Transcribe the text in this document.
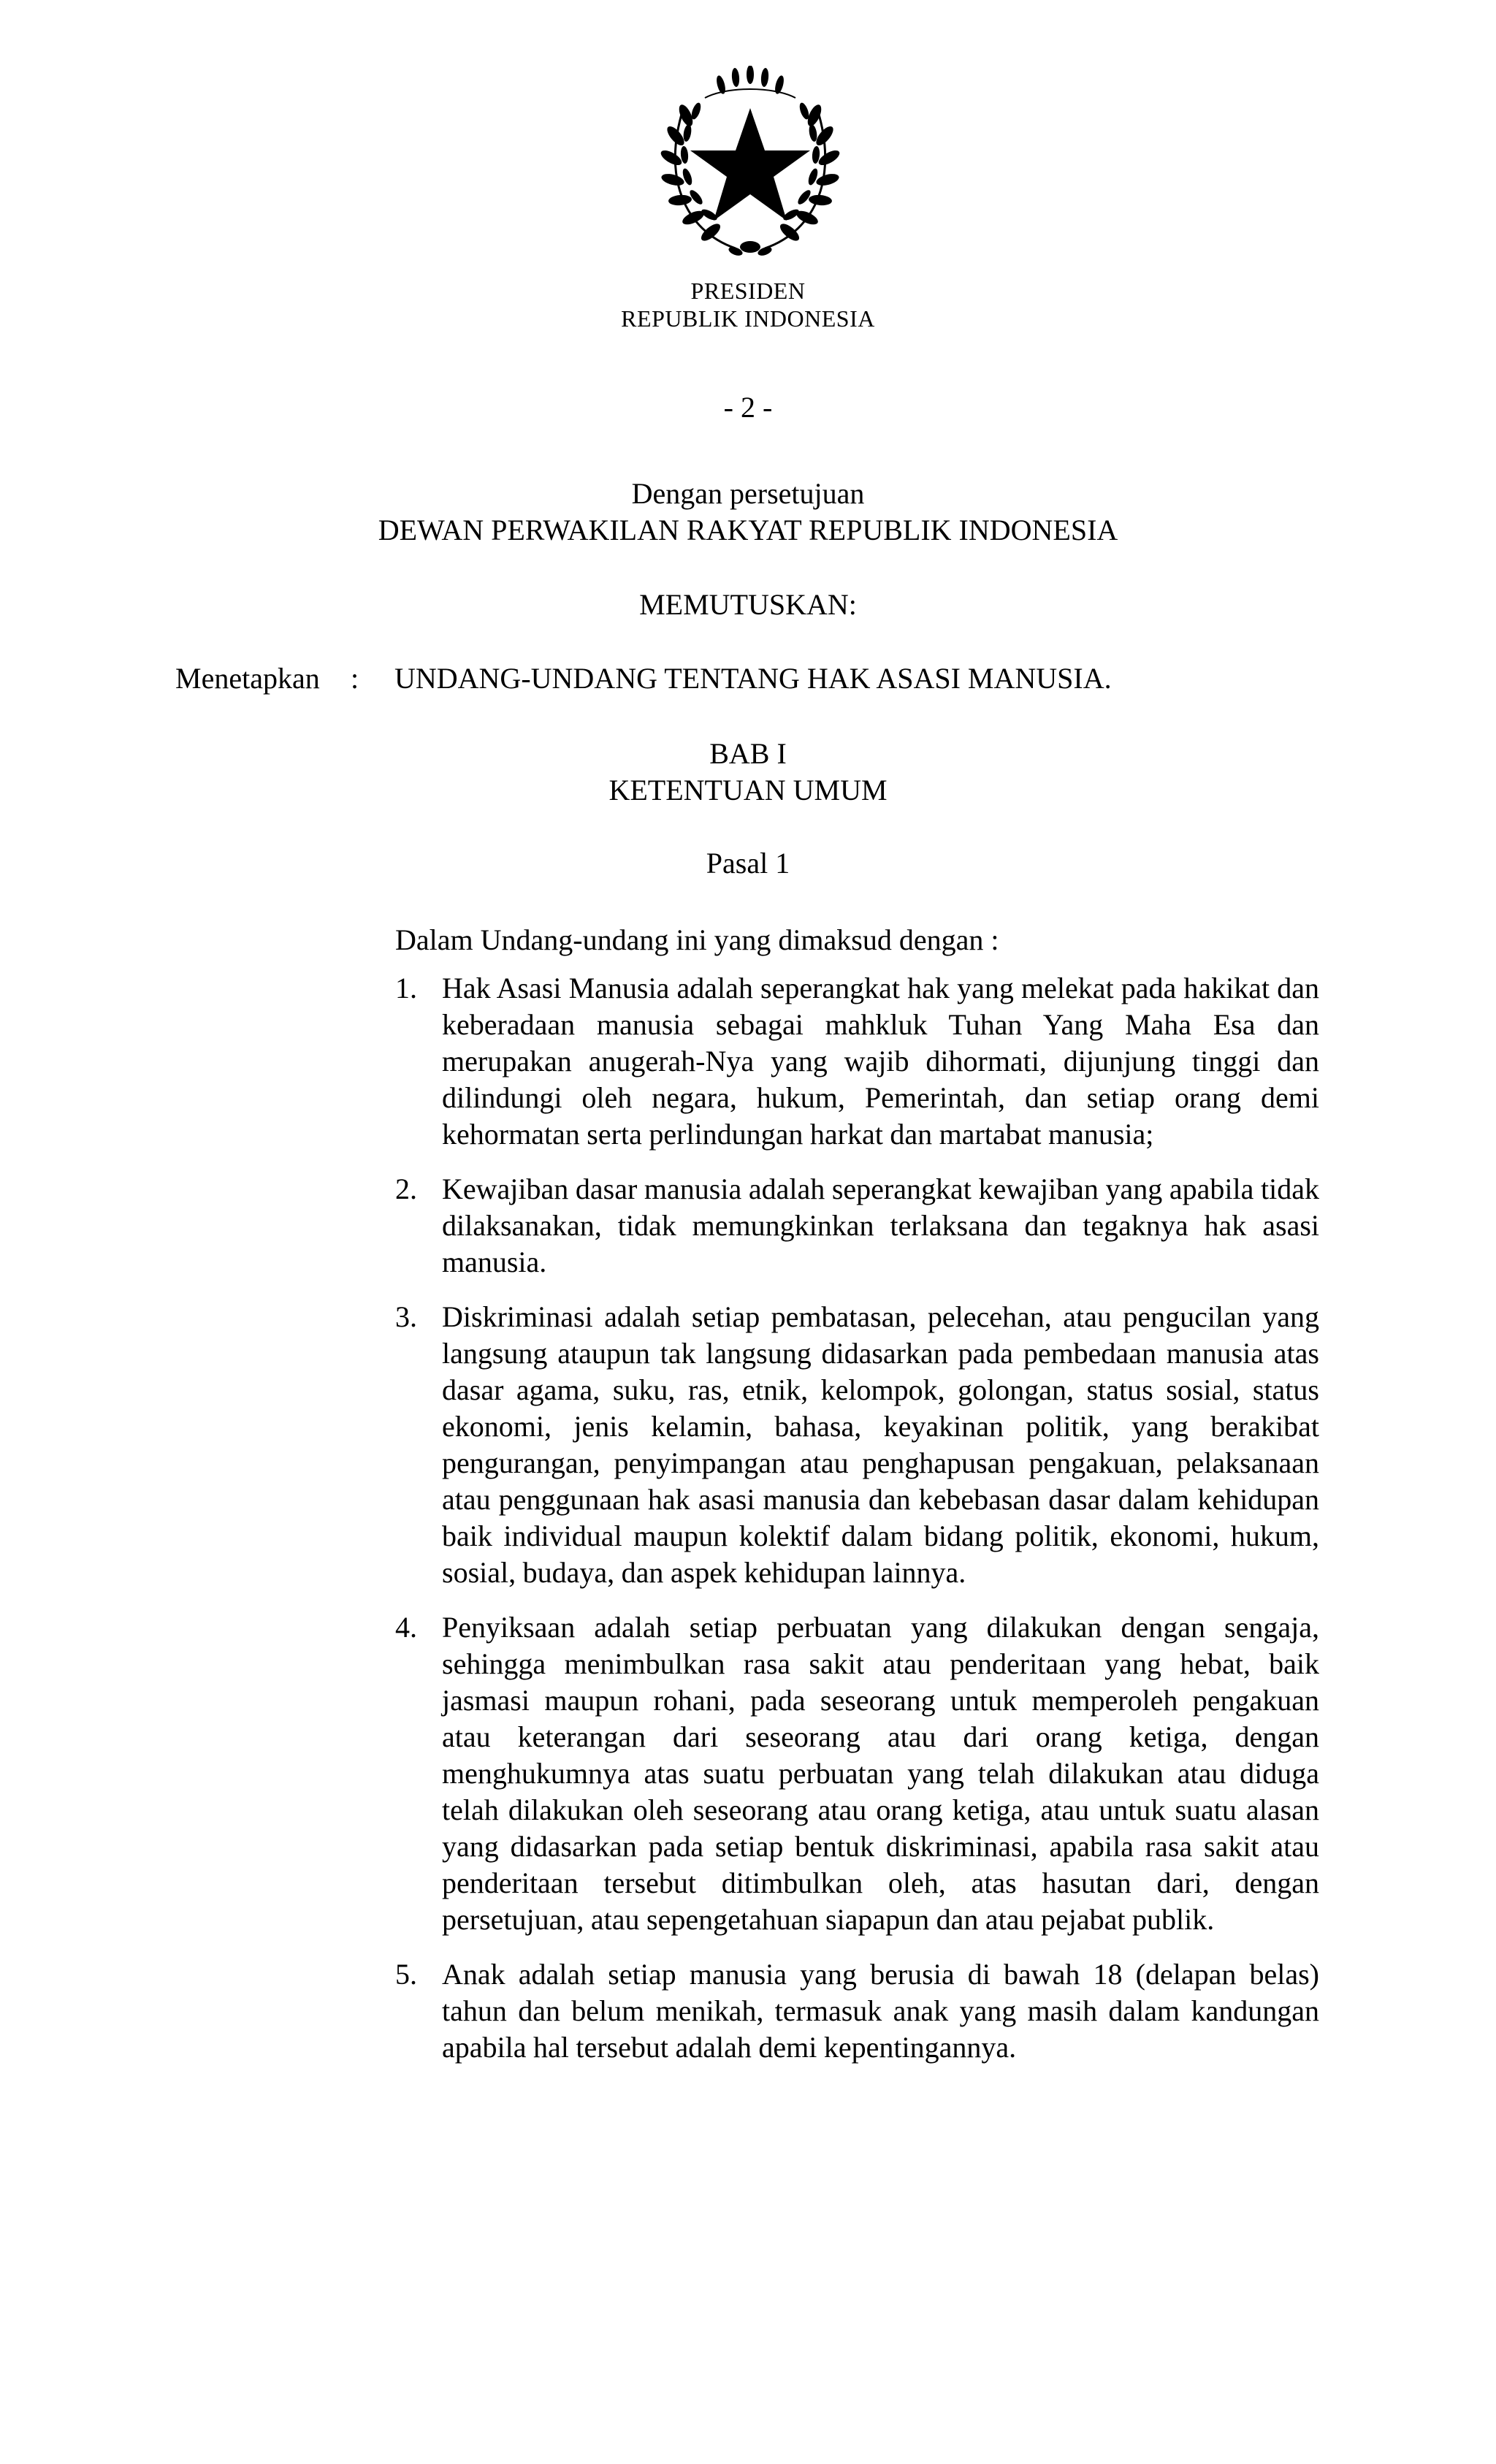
PRESIDEN
REPUBLIK INDONESIA
- 2 -
Dengan persetujuan
DEWAN PERWAKILAN RAKYAT REPUBLIK INDONESIA
MEMUTUSKAN:
Menetapkan : UNDANG-UNDANG TENTANG HAK ASASI MANUSIA.
BAB I
KETENTUAN UMUM
Pasal 1
Dalam Undang-undang ini yang dimaksud dengan :
1. Hak Asasi Manusia adalah seperangkat hak yang melekat pada hakikat dan keberadaan manusia sebagai mahkluk Tuhan Yang Maha Esa dan merupakan anugerah-Nya yang wajib dihormati, dijunjung tinggi dan dilindungi oleh negara, hukum, Pemerintah, dan setiap orang demi kehormatan serta perlindungan harkat dan martabat manusia;
2. Kewajiban dasar manusia adalah seperangkat kewajiban yang apabila tidak dilaksanakan, tidak memungkinkan terlaksana dan tegaknya hak asasi manusia.
3. Diskriminasi adalah setiap pembatasan, pelecehan, atau pengucilan yang langsung ataupun tak langsung didasarkan pada pembedaan manusia atas dasar agama, suku, ras, etnik, kelompok, golongan, status sosial, status ekonomi, jenis kelamin, bahasa, keyakinan politik, yang berakibat pengurangan, penyimpangan atau penghapusan pengakuan, pelaksanaan atau penggunaan hak asasi manusia dan kebebasan dasar dalam kehidupan baik individual maupun kolektif dalam bidang politik, ekonomi, hukum, sosial, budaya, dan aspek kehidupan lainnya.
4. Penyiksaan adalah setiap perbuatan yang dilakukan dengan sengaja, sehingga menimbulkan rasa sakit atau penderitaan yang hebat, baik jasmasi maupun rohani, pada seseorang untuk memperoleh pengakuan atau keterangan dari seseorang atau dari orang ketiga, dengan menghukumnya atas suatu perbuatan yang telah dilakukan atau diduga telah dilakukan oleh seseorang atau orang ketiga, atau untuk suatu alasan yang didasarkan pada setiap bentuk diskriminasi, apabila rasa sakit atau penderitaan tersebut ditimbulkan oleh, atas hasutan dari, dengan persetujuan, atau sepengetahuan siapapun dan atau pejabat publik.
5. Anak adalah setiap manusia yang berusia di bawah 18 (delapan belas) tahun dan belum menikah, termasuk anak yang masih dalam kandungan apabila hal tersebut adalah demi kepentingannya.
